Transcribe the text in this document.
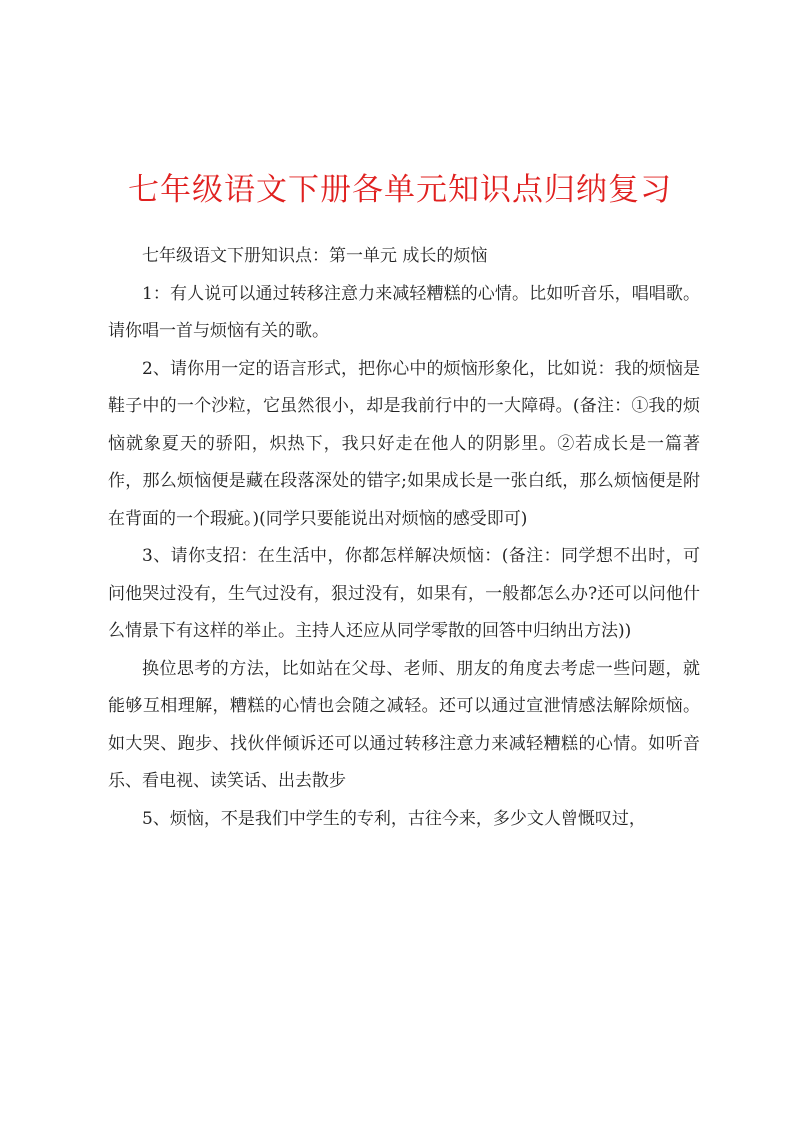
七年级语文下册各单元知识点归纳复习

七年级语文下册知识点：第一单元 成长的烦恼

1：有人说可以通过转移注意力来减轻糟糕的心情。比如听音乐，唱唱歌。请你唱一首与烦恼有关的歌。

2、请你用一定的语言形式，把你心中的烦恼形象化，比如说：我的烦恼是鞋子中的一个沙粒，它虽然很小，却是我前行中的一大障碍。(备注：①我的烦恼就象夏天的骄阳，炽热下，我只好走在他人的阴影里。②若成长是一篇著作，那么烦恼便是藏在段落深处的错字;如果成长是一张白纸，那么烦恼便是附在背面的一个瑕疵。)(同学只要能说出对烦恼的感受即可)

3、请你支招：在生活中，你都怎样解决烦恼：(备注：同学想不出时，可问他哭过没有，生气过没有，狠过没有，如果有，一般都怎么办?还可以问他什么情景下有这样的举止。主持人还应从同学零散的回答中归纳出方法))

换位思考的方法，比如站在父母、老师、朋友的角度去考虑一些问题，就能够互相理解，糟糕的心情也会随之减轻。还可以通过宣泄情感法解除烦恼。如大哭、跑步、找伙伴倾诉还可以通过转移注意力来减轻糟糕的心情。如听音乐、看电视、读笑话、出去散步

5、烦恼，不是我们中学生的专利，古往今来，多少文人曾慨叹过，
